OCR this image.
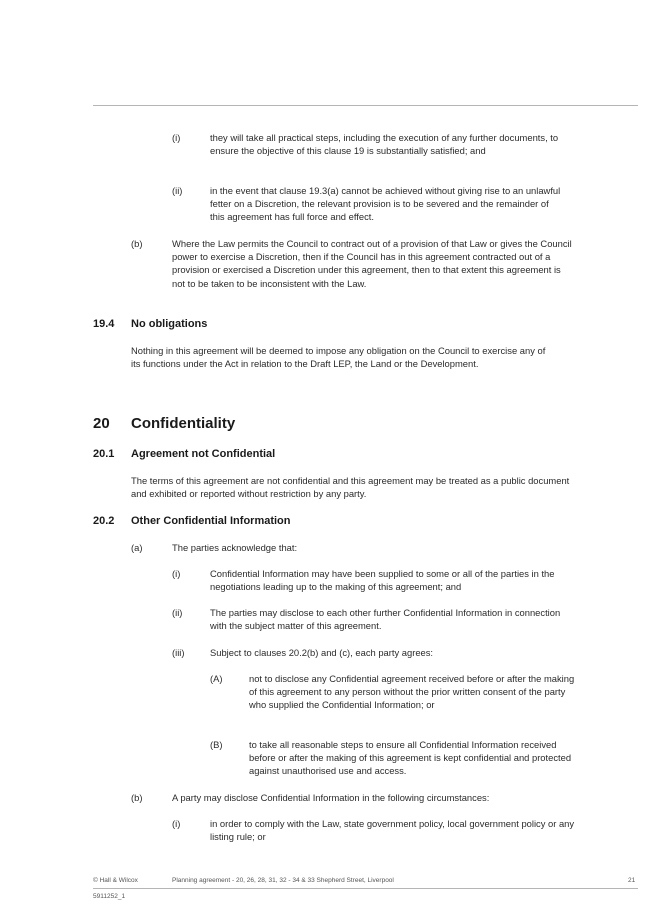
(i)	they will take all practical steps, including the execution of any further documents, to ensure the objective of this clause 19 is substantially satisfied; and
(ii)	in the event that clause 19.3(a) cannot be achieved without giving rise to an unlawful fetter on a Discretion, the relevant provision is to be severed and the remainder of this agreement has full force and effect.
(b)	Where the Law permits the Council to contract out of a provision of that Law or gives the Council power to exercise a Discretion, then if the Council has in this agreement contracted out of a provision or exercised a Discretion under this agreement, then to that extent this agreement is not to be taken to be inconsistent with the Law.
19.4 No obligations
Nothing in this agreement will be deemed to impose any obligation on the Council to exercise any of its functions under the Act in relation to the Draft LEP, the Land or the Development.
20 Confidentiality
20.1 Agreement not Confidential
The terms of this agreement are not confidential and this agreement may be treated as a public document and exhibited or reported without restriction by any party.
20.2 Other Confidential Information
(a)	The parties acknowledge that:
(i)	Confidential Information may have been supplied to some or all of the parties in the negotiations leading up to the making of this agreement; and
(ii)	The parties may disclose to each other further Confidential Information in connection with the subject matter of this agreement.
(iii)	Subject to clauses 20.2(b) and (c), each party agrees:
(A)	not to disclose any Confidential agreement received before or after the making of this agreement to any person without the prior written consent of the party who supplied the Confidential Information; or
(B)	to take all reasonable steps to ensure all Confidential Information received before or after the making of this agreement is kept confidential and protected against unauthorised use and access.
(b)	A party may disclose Confidential Information in the following circumstances:
(i)	in order to comply with the Law, state government policy, local government policy or any listing rule; or
© Hall & Wilcox	Planning agreement - 20, 26, 28, 31, 32 - 34 & 33 Shepherd Street, Liverpool	21
5911252_1
